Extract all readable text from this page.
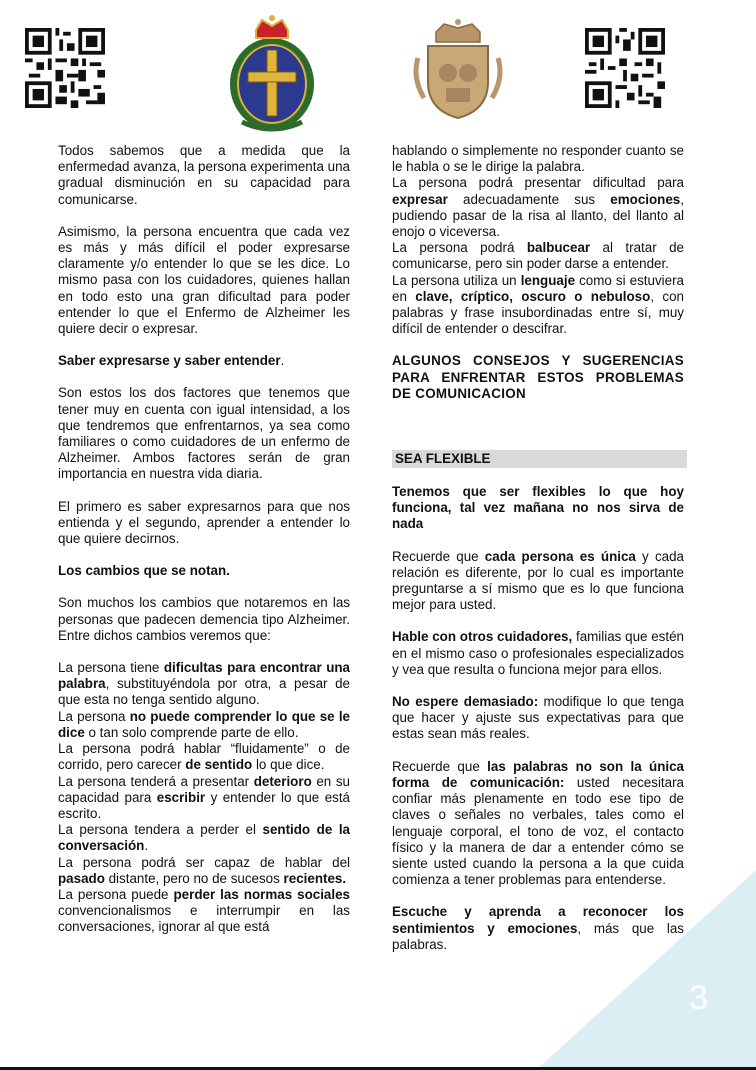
Todos sabemos que a medida que la enfermedad avanza, la persona experimenta una gradual disminución en su capacidad para comunicarse.

Asimismo, la persona encuentra que cada vez es más y más difícil el poder expresarse claramente y/o entender lo que se les dice. Lo mismo pasa con los cuidadores, quienes hallan en todo esto una gran dificultad para poder entender lo que el Enfermo de Alzheimer les quiere decir o expresar.

Saber expresarse y saber entender.

Son estos los dos factores que tenemos que tener muy en cuenta con igual intensidad, a los que tendremos que enfrentarnos, ya sea como familiares o como cuidadores de un enfermo de Alzheimer. Ambos factores serán de gran importancia en nuestra vida diaria.

El primero es saber expresarnos para que nos entienda y el segundo, aprender a entender lo que quiere decirnos.

Los cambios que se notan.

Son muchos los cambios que notaremos en las personas que padecen demencia tipo Alzheimer. Entre dichos cambios veremos que:

La persona tiene dificultas para encontrar una palabra, substituyéndola por otra, a pesar de que esta no tenga sentido alguno.

La persona no puede comprender lo que se le dice o tan solo comprende parte de ello.

La persona podrá hablar “fluidamente” o de corrido, pero carecer de sentido lo que dice.

La persona tenderá a presentar deterioro en su capacidad para escribir y entender lo que está escrito.

La persona tendera a perder el sentido de la conversación.

La persona podrá ser capaz de hablar del pasado distante, pero no de sucesos recientes.

La persona puede perder las normas sociales convencionalismos e interrumpir en las conversaciones, ignorar al que está

hablando o simplemente no responder cuanto se le habla o se le dirige la palabra.

La persona podrá presentar dificultad para expresar adecuadamente sus emociones, pudiendo pasar de la risa al llanto, del llanto al enojo o viceversa.

La persona podrá balbucear al tratar de comunicarse, pero sin poder darse a entender.

La persona utiliza un lenguaje como si estuviera en clave, críptico, oscuro o nebuloso, con palabras y frase insubordinadas entre sí, muy difícil de entender o descifrar.

ALGUNOS CONSEJOS Y SUGERENCIAS PARA ENFRENTAR ESTOS PROBLEMAS DE COMUNICACION

SEA FLEXIBLE

Tenemos que ser flexibles lo que hoy funciona, tal vez mañana no nos sirva de nada

Recuerde que cada persona es única y cada relación es diferente, por lo cual es importante preguntarse a sí mismo que es lo que funciona mejor para usted.

Hable con otros cuidadores, familias que estén en el mismo caso o profesionales especializados y vea que resulta o funciona mejor para ellos.

No espere demasiado: modifique lo que tenga que hacer y ajuste sus expectativas para que estas sean más reales.

Recuerde que las palabras no son la única forma de comunicación: usted necesitara confiar más plenamente en todo ese tipo de claves o señales no verbales, tales como el lenguaje corporal, el tono de voz, el contacto físico y la manera de dar a entender cómo se siente usted cuando la persona a la que cuida comienza a tener problemas para entenderse.

Escuche y aprenda a reconocer los sentimientos y emociones, más que las palabras.

3
